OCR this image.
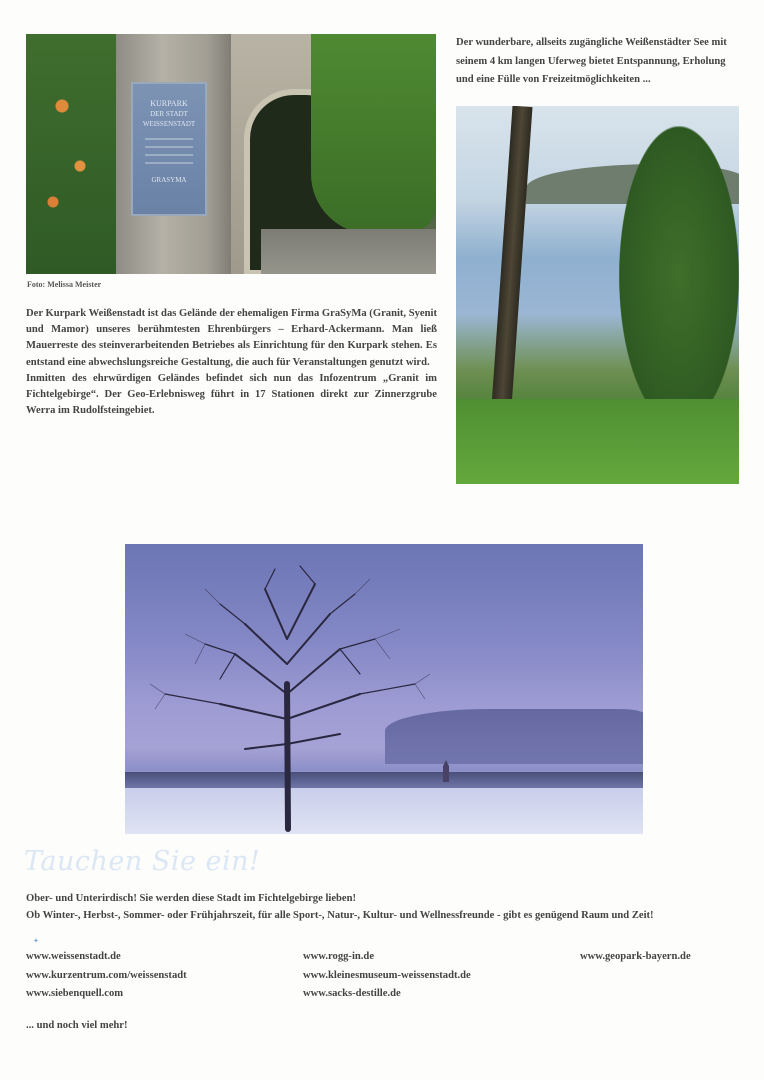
KURPARK
DER STADT
WEISSENSTADT
GRASYMA
Foto: Melissa Meister

Der Kurpark Weißenstadt ist das Gelände der ehemaligen Firma GraSyMa (Granit, Syenit und Mamor) unseres berühmtesten Ehrenbürgers – Erhard-Ackermann. Man ließ Mauerreste des steinverarbeitenden Betriebes als Einrichtung für den Kurpark stehen. Es entstand eine abwechslungsreiche Gestaltung, die auch für Veranstaltungen genutzt wird.

Inmitten des ehrwürdigen Geländes befindet sich nun das Infozentrum „Granit im Fichtelgebirge“. Der Geo-Erlebnisweg führt in 17 Stationen direkt zur Zinnerzgrube Werra im Rudolfsteingebiet.

Der wunderbare, allseits zugängliche Weißenstädter See mit seinem 4 km langen Uferweg bietet Entspannung, Erholung und eine Fülle von Freizeitmöglichkeiten ...
Tauchen Sie ein!
Ober- und Unterirdisch! Sie werden diese Stadt im Fichtelgebirge lieben!
Ob Winter-, Herbst-, Sommer- oder Frühjahrszeit, für alle Sport-, Natur-, Kultur- und Wellnessfreunde - gibt es genügend Raum und Zeit!
✦
www.weissenstadt.de
www.kurzentrum.com/weissenstadt
www.siebenquell.com
www.rogg-in.de
www.kleinesmuseum-weissenstadt.de
www.sacks-destille.de
www.geopark-bayern.de
... und noch viel mehr!
